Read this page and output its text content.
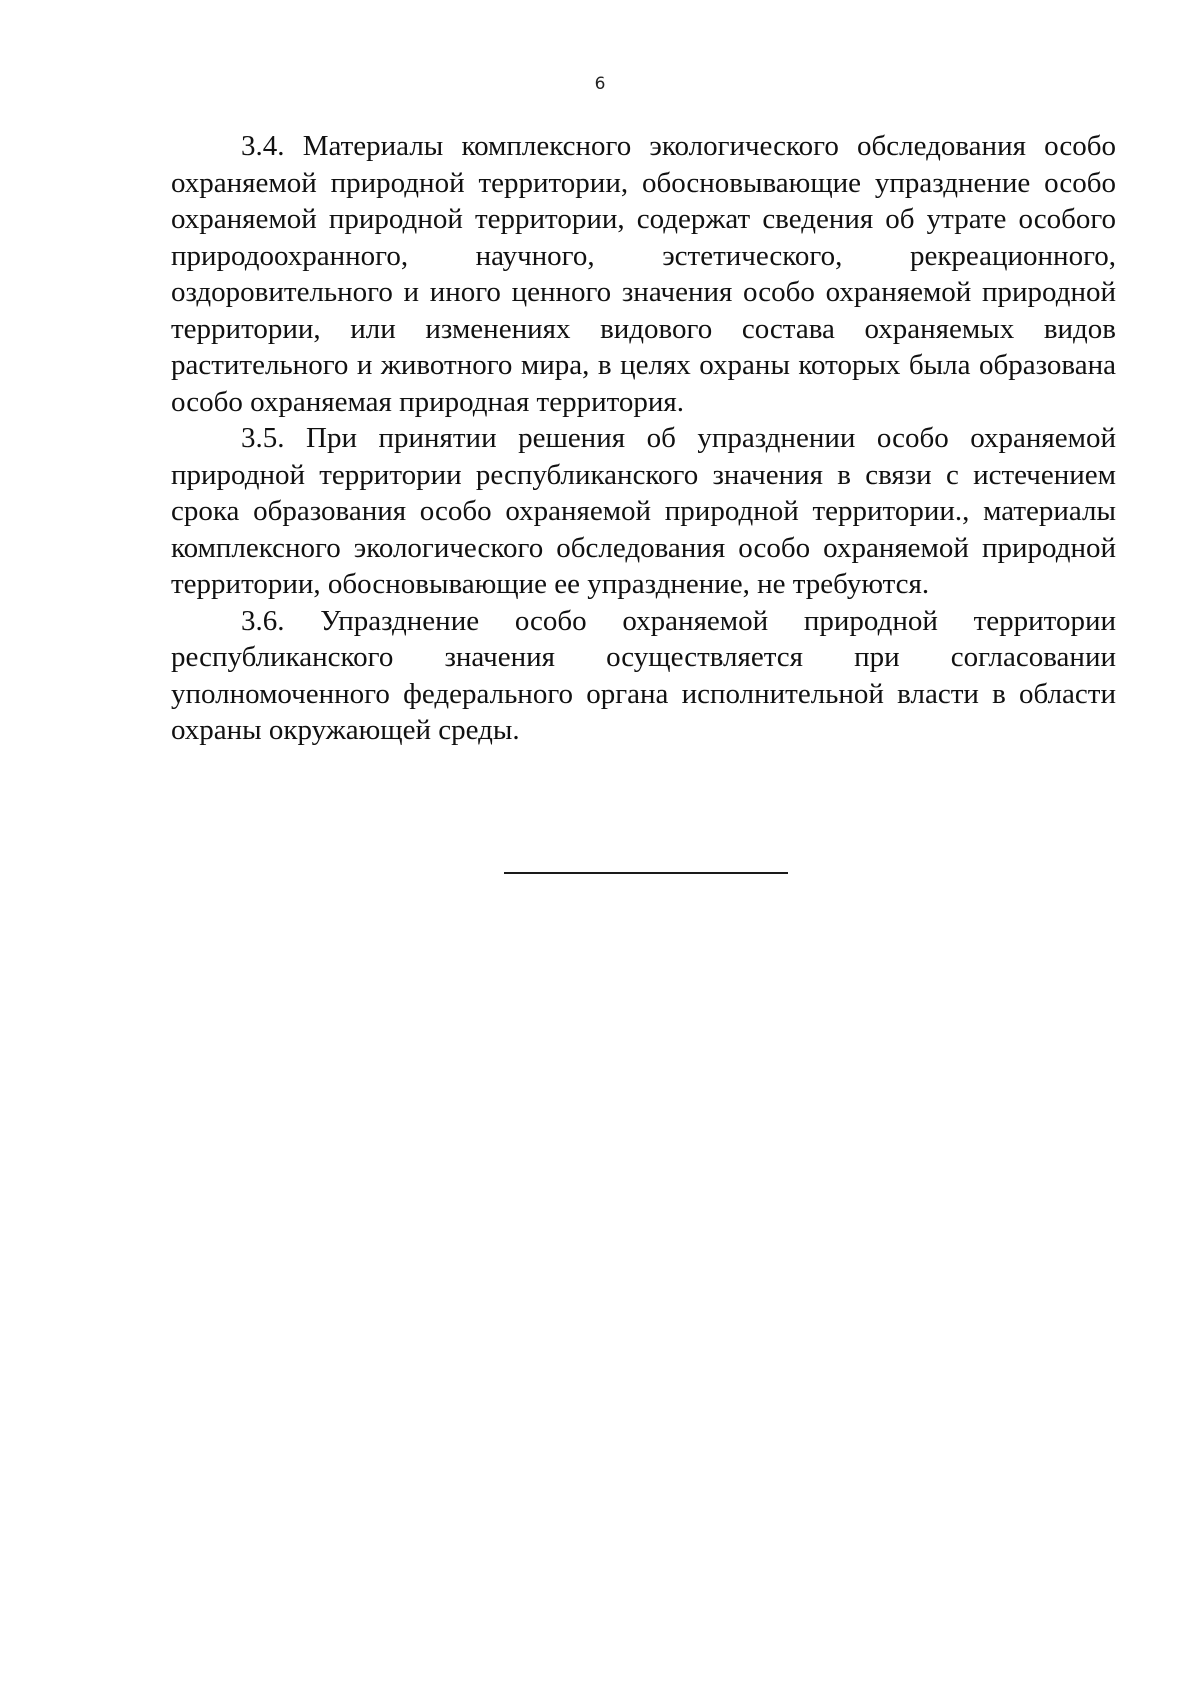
6

3.4. Материалы комплексного экологического обследования особо охраняемой природной территории, обосновывающие упразднение особо охраняемой природной территории, содержат сведения об утрате особого природоохранного, научного, эстетического, рекреационного, оздоровительного и иного ценного значения особо охраняемой природной территории, или изменениях видового состава охраняемых видов растительного и животного мира, в целях охраны которых была образована особо охраняемая природная территория.

3.5. При принятии решения об упразднении особо охраняемой природной территории республиканского значения в связи с истечением срока образования особо охраняемой природной территории., материалы комплексного экологического обследования особо охраняемой природной территории, обосновывающие ее упразднение, не требуются.

3.6. Упразднение особо охраняемой природной территории республиканского значения осуществляется при согласовании уполномоченного федерального органа исполнительной власти в области охраны окружающей среды.
